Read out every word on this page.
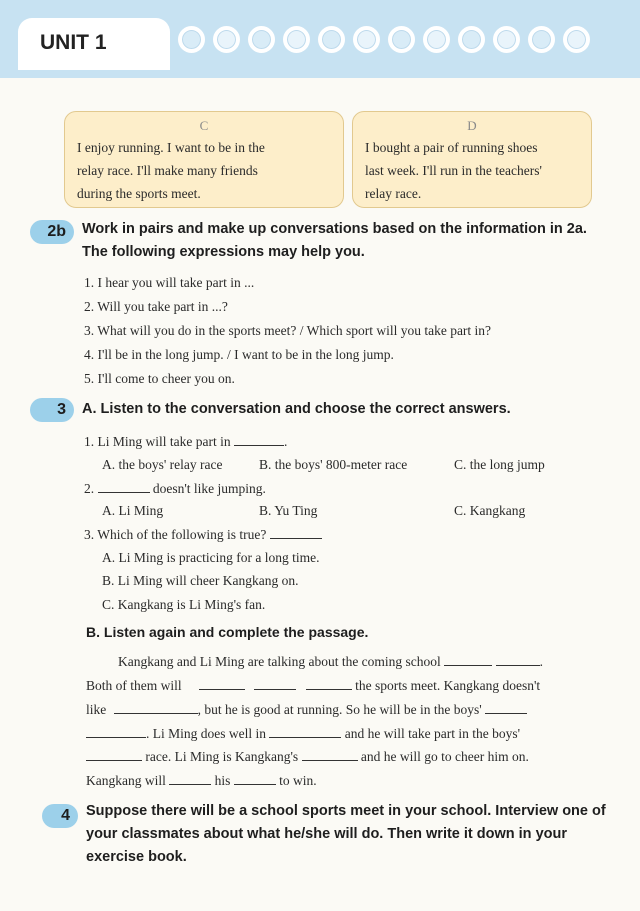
UNIT 1
C
I enjoy running. I want to be in the
relay race. I'll make many friends
during the sports meet.
D
I bought a pair of running shoes
last week. I'll run in the teachers'
relay race.
2b	Work in pairs and make up conversations based on the information in 2a. The following expressions may help you.
1. I hear you will take part in ...
2. Will you take part in ...?
3. What will you do in the sports meet? / Which sport will you take part in?
4. I'll be in the long jump. / I want to be in the long jump.
5. I'll come to cheer you on.
3	A. Listen to the conversation and choose the correct answers.
1. Li Ming will take part in	.
A. the boys' relay race	B. the boys' 800-meter race	C. the long jump
2.	doesn't like jumping.
A. Li Ming	B. Yu Ting	C. Kangkang
3. Which of the following is true?
A. Li Ming is practicing for a long time.
B. Li Ming will cheer Kangkang on.
C. Kangkang is Li Ming's fan.
B. Listen again and complete the passage.
Kangkang and Li Ming are talking about the coming school	.
Both of them will	the sports meet. Kangkang doesn't
like	, but he is good at running. So he will be in the boys'
. Li Ming does well in	and he will take part in the boys'
race. Li Ming is Kangkang's	and he will go to cheer him on.
Kangkang will	his	to win.
4	Suppose there will be a school sports meet in your school. Interview one of your classmates about what he/she will do. Then write it down in your exercise book.
